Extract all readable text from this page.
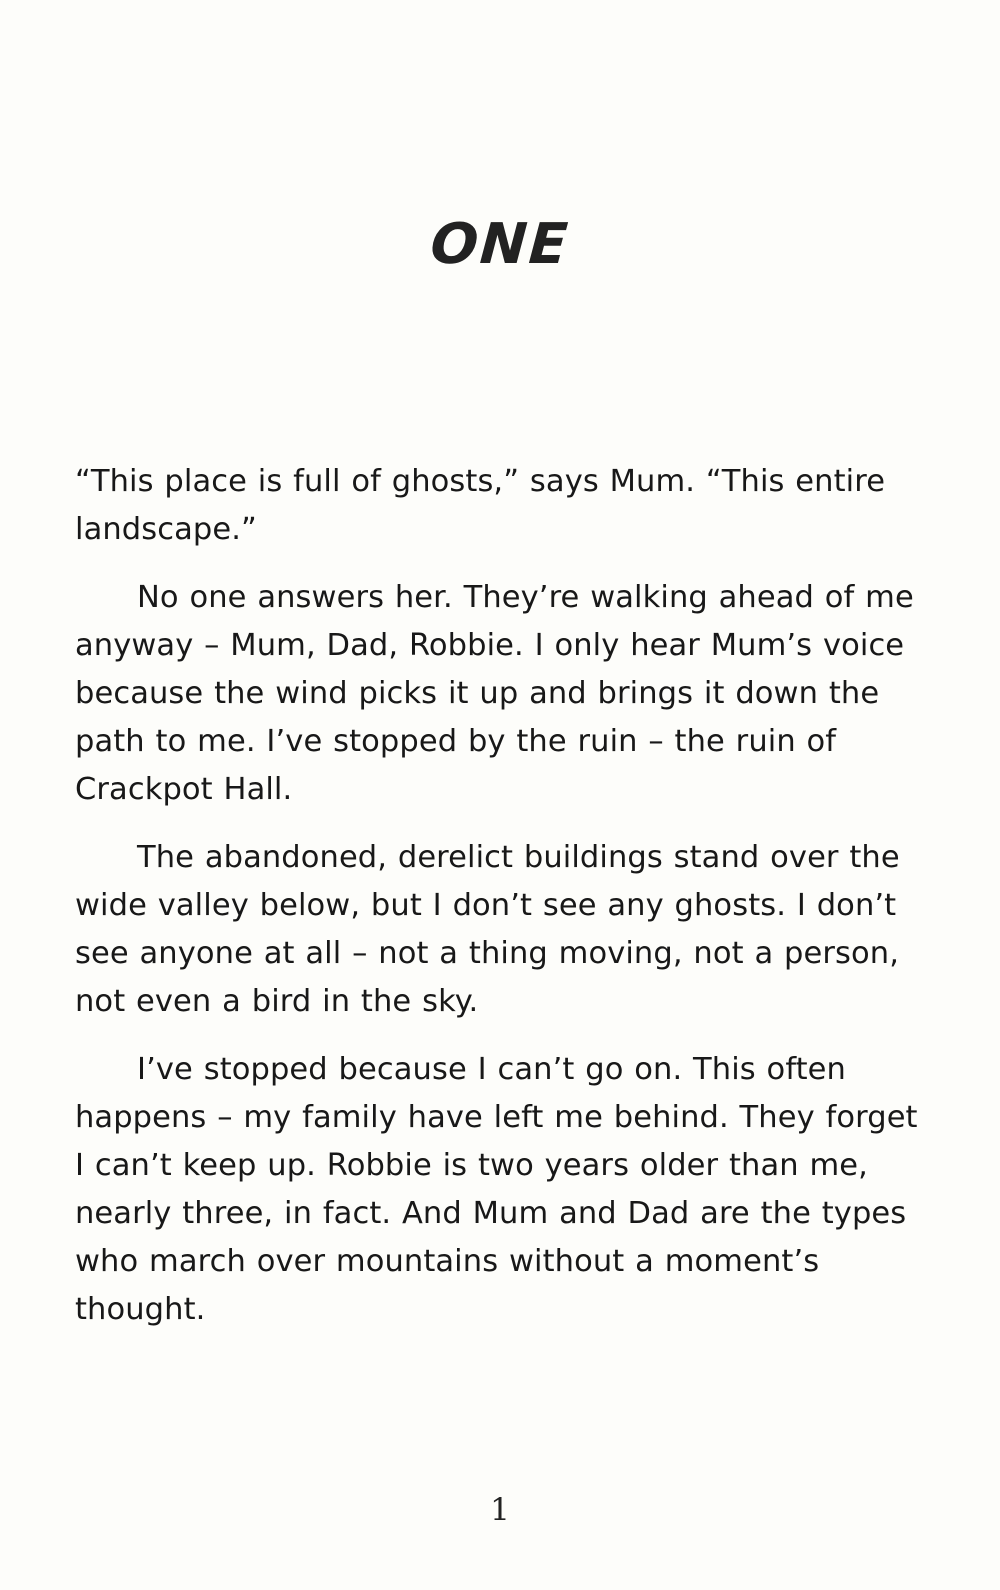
ONE

“This place is full of ghosts,” says Mum. “This entire landscape.”

No one answers her. They’re walking ahead of me anyway – Mum, Dad, Robbie. I only hear Mum’s voice because the wind picks it up and brings it down the path to me. I’ve stopped by the ruin – the ruin of Crackpot Hall.

The abandoned, derelict buildings stand over the wide valley below, but I don’t see any ghosts. I don’t see anyone at all – not a thing moving, not a person, not even a bird in the sky.

I’ve stopped because I can’t go on. This often happens – my family have left me behind. They forget I can’t keep up. Robbie is two years older than me, nearly three, in fact. And Mum and Dad are the types who march over mountains without a moment’s thought.

1
